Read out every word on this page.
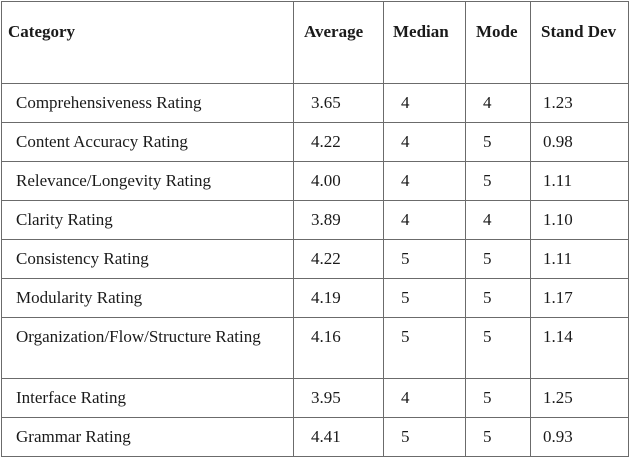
Category	Average	Median	Mode	Stand Dev
Comprehensiveness Rating	3.65	4	4	1.23
Content Accuracy Rating	4.22	4	5	0.98
Relevance/Longevity Rating	4.00	4	5	1.11
Clarity Rating	3.89	4	4	1.10
Consistency Rating	4.22	5	5	1.11
Modularity Rating	4.19	5	5	1.17
Organization/Flow/Structure Rating	4.16	5	5	1.14
Interface Rating	3.95	4	5	1.25
Grammar Rating	4.41	5	5	0.93
